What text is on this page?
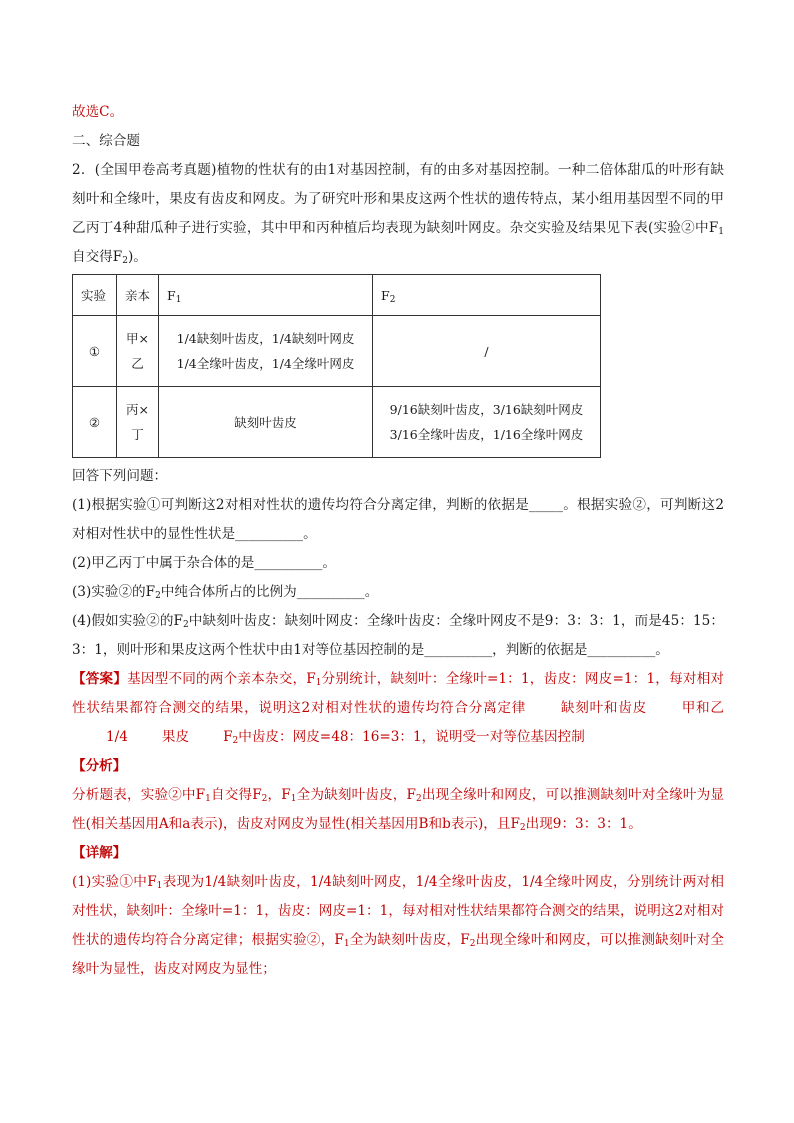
故选C。

二、综合题

2．(全国甲卷高考真题)植物的性状有的由1对基因控制，有的由多对基因控制。一种二倍体甜瓜的叶形有缺刻叶和全缘叶，果皮有齿皮和网皮。为了研究叶形和果皮这两个性状的遗传特点，某小组用基因型不同的甲乙丙丁4种甜瓜种子进行实验，其中甲和丙种植后均表现为缺刻叶网皮。杂交实验及结果见下表(实验②中$F_1$自交得$F_2$)。

实验	亲本	$F_1$	$F_2$
①	甲×乙	1/4缺刻叶齿皮，1/4缺刻叶网皮
1/4全缘叶齿皮，1/4全缘叶网皮	/
②	丙×丁	缺刻叶齿皮	9/16缺刻叶齿皮，3/16缺刻叶网皮
3/16全缘叶齿皮，1/16全缘叶网皮

回答下列问题：

(1)根据实验①可判断这2对相对性状的遗传均符合分离定律，判断的依据是_____。根据实验②，可判断这2对相对性状中的显性性状是__________。

(2)甲乙丙丁中属于杂合体的是__________。

(3)实验②的$F_2$中纯合体所占的比例为__________。

(4)假如实验②的$F_2$中缺刻叶齿皮：缺刻叶网皮：全缘叶齿皮：全缘叶网皮不是9：3：3：1，而是45：15：3：1，则叶形和果皮这两个性状中由1对等位基因控制的是__________，判断的依据是__________。

【答案】基因型不同的两个亲本杂交，$F_1$分别统计，缺刻叶：全缘叶=1：1，齿皮：网皮=1：1，每对相对性状结果都符合测交的结果，说明这2对相对性状的遗传均符合分离定律	缺刻叶和齿皮	甲和乙1/4	果皮	$F_2$中齿皮：网皮=48：16=3：1，说明受一对等位基因控制

【分析】

分析题表，实验②中$F_1$自交得$F_2$，$F_1$全为缺刻叶齿皮，$F_2$出现全缘叶和网皮，可以推测缺刻叶对全缘叶为显性(相关基因用A和a表示)，齿皮对网皮为显性(相关基因用B和b表示)，且$F_2$出现9：3：3：1。

【详解】

(1)实验①中$F_1$表现为1/4缺刻叶齿皮，1/4缺刻叶网皮，1/4全缘叶齿皮，1/4全缘叶网皮，分别统计两对相对性状，缺刻叶：全缘叶=1：1，齿皮：网皮=1：1，每对相对性状结果都符合测交的结果，说明这2对相对性状的遗传均符合分离定律；根据实验②，$F_1$全为缺刻叶齿皮，$F_2$出现全缘叶和网皮，可以推测缺刻叶对全缘叶为显性，齿皮对网皮为显性；
